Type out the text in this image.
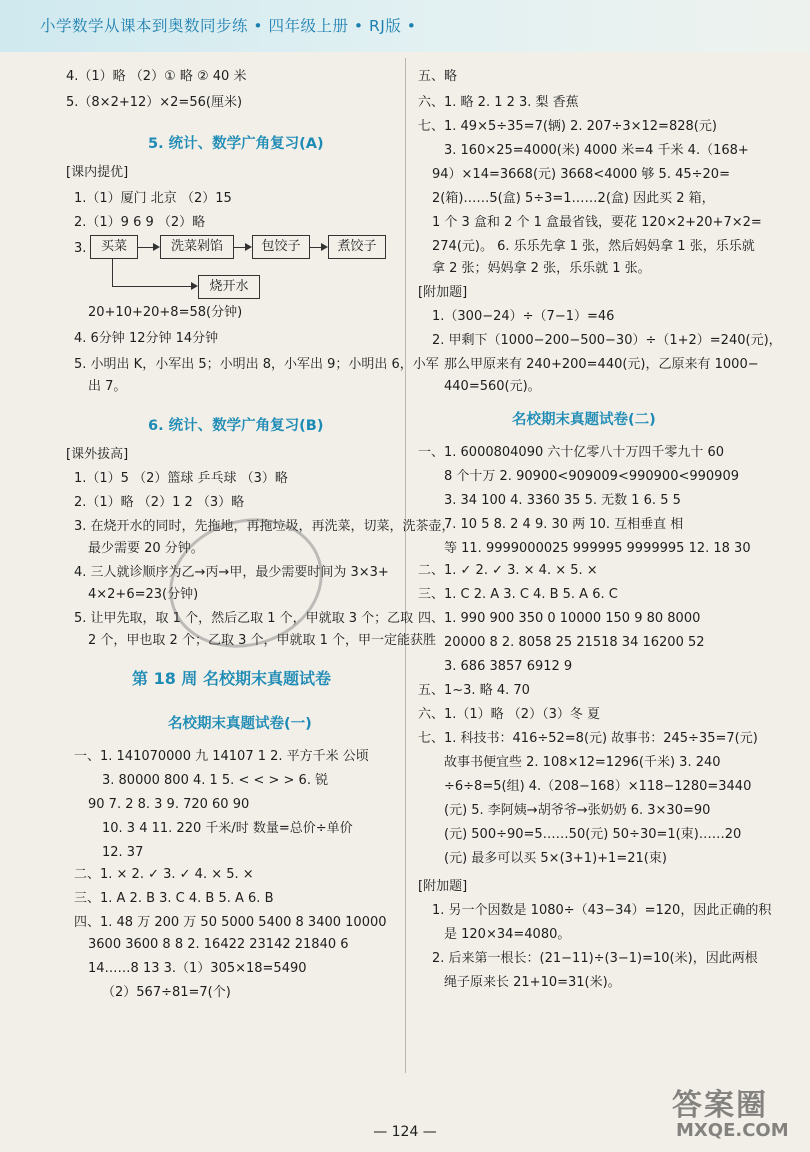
小学数学从课本到奥数同步练 • 四年级上册 • RJ版 •
4.（1）略 （2）① 略 ② 40 米
5.（8×2+12）×2=56(厘米)
5. 统计、数学广角复习(A)
[课内提优]
1.（1）厦门 北京 （2）15
2.（1）9 6 9 （2）略
3.	买菜	洗菜剁馅	包饺子	煮饺子
烧开水
20+10+20+8=58(分钟)
4. 6分钟 12分钟 14分钟
5. 小明出 K，小军出 5；小明出 8，小军出 9；小明出 6，小军
出 7。
6. 统计、数学广角复习(B)
[课外拔高]
1.（1）5 （2）篮球 乒乓球 （3）略
2.（1）略 （2）1 2 （3）略
3. 在烧开水的同时，先拖地，再拖垃圾，再洗菜，切菜，洗茶壶，
最少需要 20 分钟。
4. 三人就诊顺序为乙→丙→甲，最少需要时间为 3×3+
4×2+6=23(分钟)
5. 让甲先取，取 1 个，然后乙取 1 个，甲就取 3 个；乙取
2 个，甲也取 2 个；乙取 3 个，甲就取 1 个，甲一定能获胜
第 18 周 名校期末真题试卷
名校期末真题试卷(一)
一、1. 141070000 九 14107 1 2. 平方千米 公顷
3. 80000 800 4. 1 5. < < > > 6. 锐
90 7. 2 8. 3 9. 720 60 90
10. 3 4 11. 220 千米/时 数量=总价÷单价
12. 37
二、1. × 2. ✓ 3. ✓ 4. × 5. ×
三、1. A 2. B 3. C 4. B 5. A 6. B
四、1. 48 万 200 万 50 5000 5400 8 3400 10000
3600 3600 8 8 2. 16422 23142 21840 6
14……8 13 3.（1）305×18=5490
（2）567÷81=7(个)
五、略
六、1. 略 2. 1 2 3. 梨 香蕉
七、1. 49×5÷35=7(辆) 2. 207÷3×12=828(元)
3. 160×25=4000(米) 4000 米=4 千米 4.（168+
94）×14=3668(元) 3668<4000 够 5. 45÷20=
2(箱)……5(盒) 5÷3=1……2(盒) 因此买 2 箱，
1 个 3 盒和 2 个 1 盒最省钱，要花 120×2+20+7×2=
274(元)。 6. 乐乐先拿 1 张，然后妈妈拿 1 张，乐乐就
拿 2 张；妈妈拿 2 张，乐乐就 1 张。
[附加题]
1.（300−24）÷（7−1）=46
2. 甲剩下（1000−200−500−30）÷（1+2）=240(元)，
那么甲原来有 240+200=440(元)，乙原来有 1000−
440=560(元)。
名校期末真题试卷(二)
一、1. 6000804090 六十亿零八十万四千零九十 60
8 个十万 2. 90900<909009<990900<990909
3. 34 100 4. 3360 35 5. 无数 1 6. 5 5
7. 10 5 8. 2 4 9. 30 两 10. 互相垂直 相
等 11. 9999000025 999995 9999995 12. 18 30
二、1. ✓ 2. ✓ 3. × 4. × 5. ×
三、1. C 2. A 3. C 4. B 5. A 6. C
四、1. 990 900 350 0 10000 150 9 80 8000
20000 8 2. 8058 25 21518 34 16200 52
3. 686 3857 6912 9
五、1~3. 略 4. 70
六、1.（1）略 （2）（3）冬 夏
七、1. 科技书：416÷52=8(元) 故事书：245÷35=7(元)
故事书便宜些 2. 108×12=1296(千米) 3. 240
÷6÷8=5(组) 4.（208−168）×118−1280=3440
(元) 5. 李阿姨→胡爷爷→张奶奶 6. 3×30=90
(元) 500÷90=5……50(元) 50÷30=1(束)……20
(元) 最多可以买 5×(3+1)+1=21(束)
[附加题]
1. 另一个因数是 1080÷（43−34）=120，因此正确的积
是 120×34=4080。
2. 后来第一根长：(21−11)÷(3−1)=10(米)，因此两根
绳子原来长 21+10=31(米)。
— 124 —
答案圈
MXQE.COM
